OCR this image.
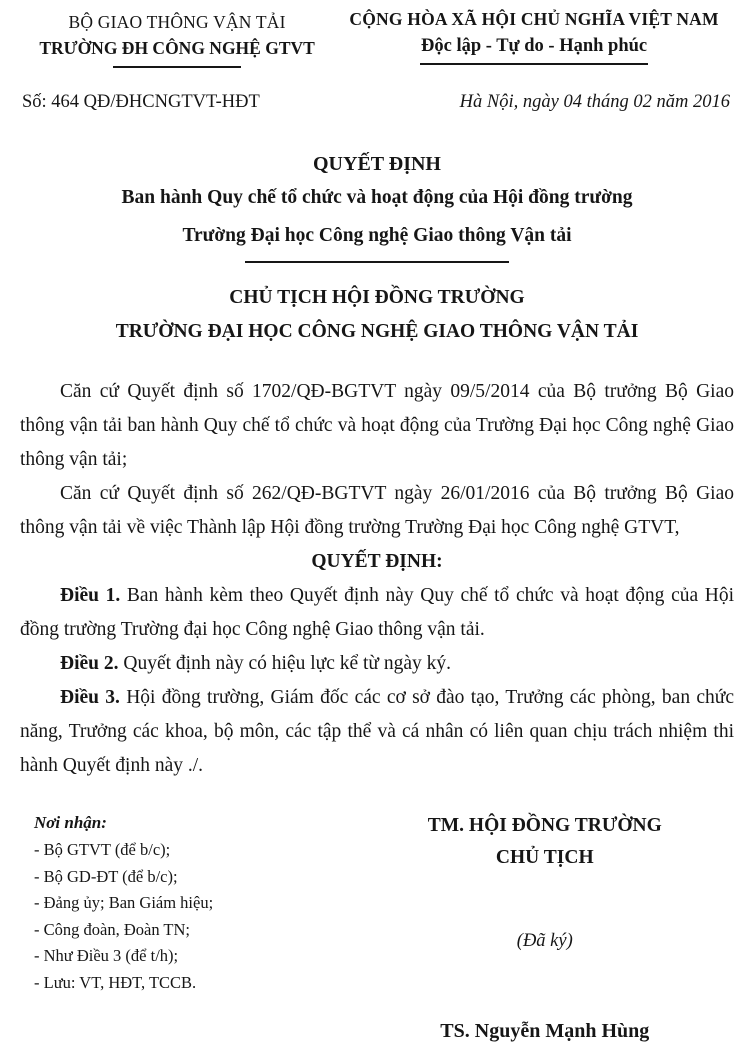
BỘ GIAO THÔNG VẬN TẢI
TRƯỜNG ĐH CÔNG NGHỆ GTVT
CỘNG HÒA XÃ HỘI CHỦ NGHĨA VIỆT NAM
Độc lập - Tự do - Hạnh phúc
Số: 464 QĐ/ĐHCNGTVT-HĐT	Hà Nội, ngày 04 tháng 02 năm 2016
QUYẾT ĐỊNH
Ban hành Quy chế tổ chức và hoạt động của Hội đồng trường
Trường Đại học Công nghệ Giao thông Vận tải
CHỦ TỊCH HỘI ĐỒNG TRƯỜNG
TRƯỜNG ĐẠI HỌC CÔNG NGHỆ GIAO THÔNG VẬN TẢI

Căn cứ Quyết định số 1702/QĐ-BGTVT ngày 09/5/2014 của Bộ trưởng Bộ Giao thông vận tải ban hành Quy chế tổ chức và hoạt động của Trường Đại học Công nghệ Giao thông vận tải;

Căn cứ Quyết định số 262/QĐ-BGTVT ngày 26/01/2016 của Bộ trưởng Bộ Giao thông vận tải về việc Thành lập Hội đồng trường Trường Đại học Công nghệ GTVT,

QUYẾT ĐỊNH:

Điều 1. Ban hành kèm theo Quyết định này Quy chế tổ chức và hoạt động của Hội đồng trường Trường đại học Công nghệ Giao thông vận tải.

Điều 2. Quyết định này có hiệu lực kể từ ngày ký.

Điều 3. Hội đồng trường, Giám đốc các cơ sở đào tạo, Trưởng các phòng, ban chức năng, Trưởng các khoa, bộ môn, các tập thể và cá nhân có liên quan chịu trách nhiệm thi hành Quyết định này ./.

Nơi nhận:
- Bộ GTVT (để b/c);
- Bộ GD-ĐT (để b/c);
- Đảng ủy; Ban Giám hiệu;
- Công đoàn, Đoàn TN;
- Như Điều 3 (để t/h);
- Lưu: VT, HĐT, TCCB.
TM. HỘI ĐỒNG TRƯỜNG
CHỦ TỊCH
(Đã ký)
TS. Nguyễn Mạnh Hùng
